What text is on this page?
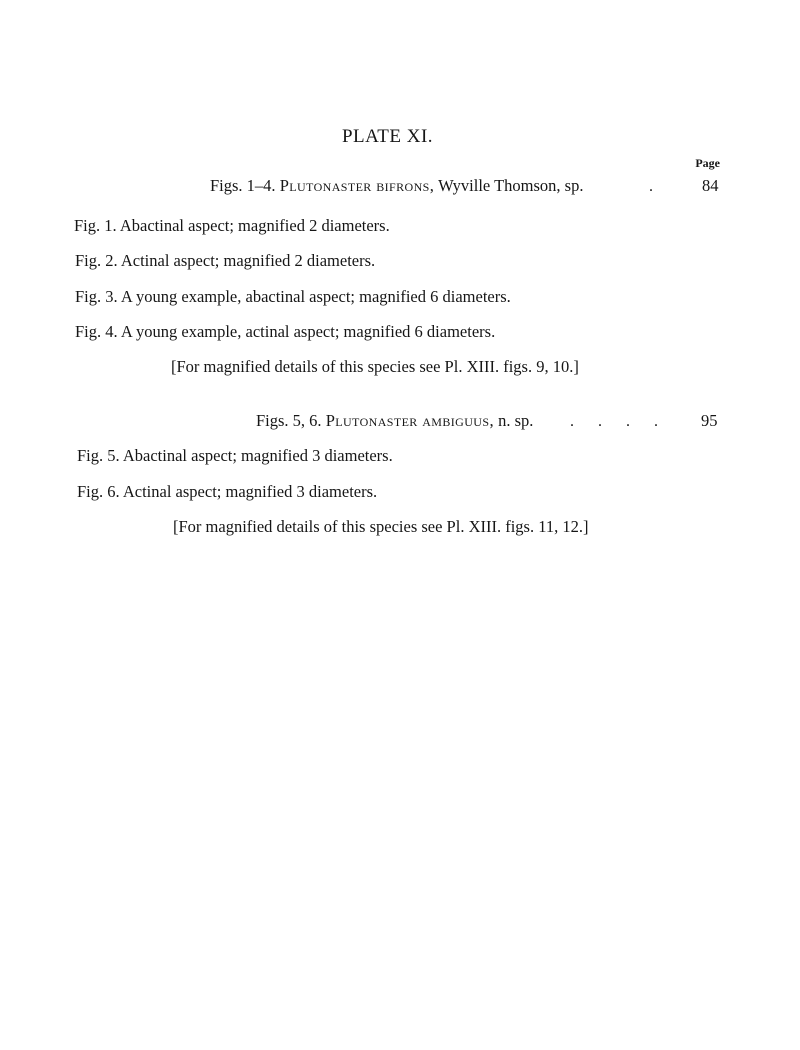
PLATE XI.
Page
Figs. 1–4. Plutonaster bifrons, Wyville Thomson, sp.	.	84
Fig. 1. Abactinal aspect; magnified 2 diameters.
Fig. 2. Actinal aspect; magnified 2 diameters.
Fig. 3. A young example, abactinal aspect; magnified 6 diameters.
Fig. 4. A young example, actinal aspect; magnified 6 diameters.
[For magnified details of this species see Pl. XIII. figs. 9, 10.]
Figs. 5, 6. Plutonaster ambiguus, n. sp. . . . .	95
Fig. 5. Abactinal aspect; magnified 3 diameters.
Fig. 6. Actinal aspect; magnified 3 diameters.
[For magnified details of this species see Pl. XIII. figs. 11, 12.]
